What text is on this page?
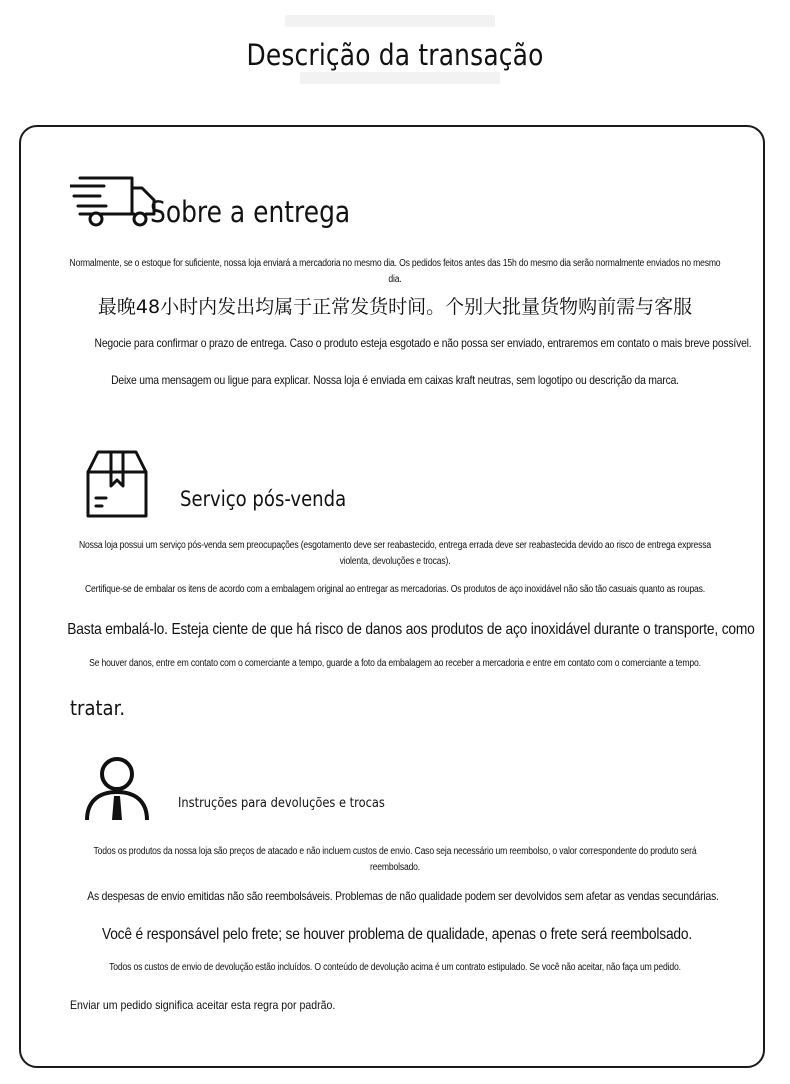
Descrição da transação
Sobre a entrega
Normalmente, se o estoque for suficiente, nossa loja enviará a mercadoria no mesmo dia. Os pedidos feitos antes das 15h do mesmo dia serão normalmente enviados no mesmo dia.
最晚48小时内发出均属于正常发货时间。个别大批量货物购前需与客服
Negocie para confirmar o prazo de entrega. Caso o produto esteja esgotado e não possa ser enviado, entraremos em contato o mais breve possível.
Deixe uma mensagem ou ligue para explicar. Nossa loja é enviada em caixas kraft neutras, sem logotipo ou descrição da marca.
Serviço pós-venda
Nossa loja possui um serviço pós-venda sem preocupações (esgotamento deve ser reabastecido, entrega errada deve ser reabastecida devido ao risco de entrega expressa violenta, devoluções e trocas).
Certifique-se de embalar os itens de acordo com a embalagem original ao entregar as mercadorias. Os produtos de aço inoxidável não são tão casuais quanto as roupas.
Basta embalá-lo. Esteja ciente de que há risco de danos aos produtos de aço inoxidável durante o transporte, como
Se houver danos, entre em contato com o comerciante a tempo, guarde a foto da embalagem ao receber a mercadoria e entre em contato com o comerciante a tempo.
tratar.
Instruções para devoluções e trocas
Todos os produtos da nossa loja são preços de atacado e não incluem custos de envio. Caso seja necessário um reembolso, o valor correspondente do produto será reembolsado.
As despesas de envio emitidas não são reembolsáveis. Problemas de não qualidade podem ser devolvidos sem afetar as vendas secundárias.
Você é responsável pelo frete; se houver problema de qualidade, apenas o frete será reembolsado.
Todos os custos de envio de devolução estão incluídos. O conteúdo de devolução acima é um contrato estipulado. Se você não aceitar, não faça um pedido.
Enviar um pedido significa aceitar esta regra por padrão.
